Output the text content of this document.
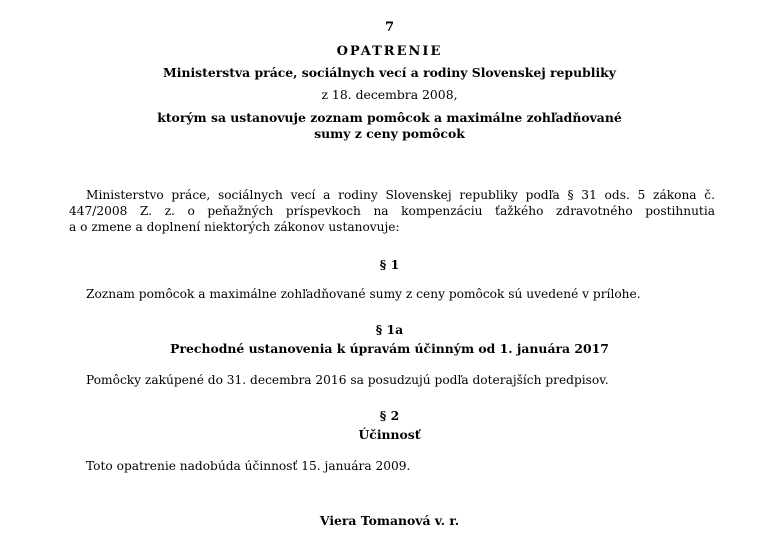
7
OPATRENIE
Ministerstva práce, sociálnych vecí a rodiny Slovenskej republiky
z 18. decembra 2008,
ktorým sa ustanovuje zoznam pomôcok a maximálne zohľadňované
sumy z ceny pomôcok
Ministerstvo práce, sociálnych vecí a rodiny Slovenskej republiky podľa § 31 ods. 5 zákona č.
447/2008 Z. z. o peňažných príspevkoch na kompenzáciu ťažkého zdravotného postihnutia
a o zmene a doplnení niektorých zákonov ustanovuje:
§ 1
Zoznam pomôcok a maximálne zohľadňované sumy z ceny pomôcok sú uvedené v prílohe.
§ 1a
Prechodné ustanovenia k úpravám účinným od 1. januára 2017
Pomôcky zakúpené do 31. decembra 2016 sa posudzujú podľa doterajších predpisov.
§ 2
Účinnosť
Toto opatrenie nadobúda účinnosť 15. januára 2009.
Viera Tomanová v. r.
